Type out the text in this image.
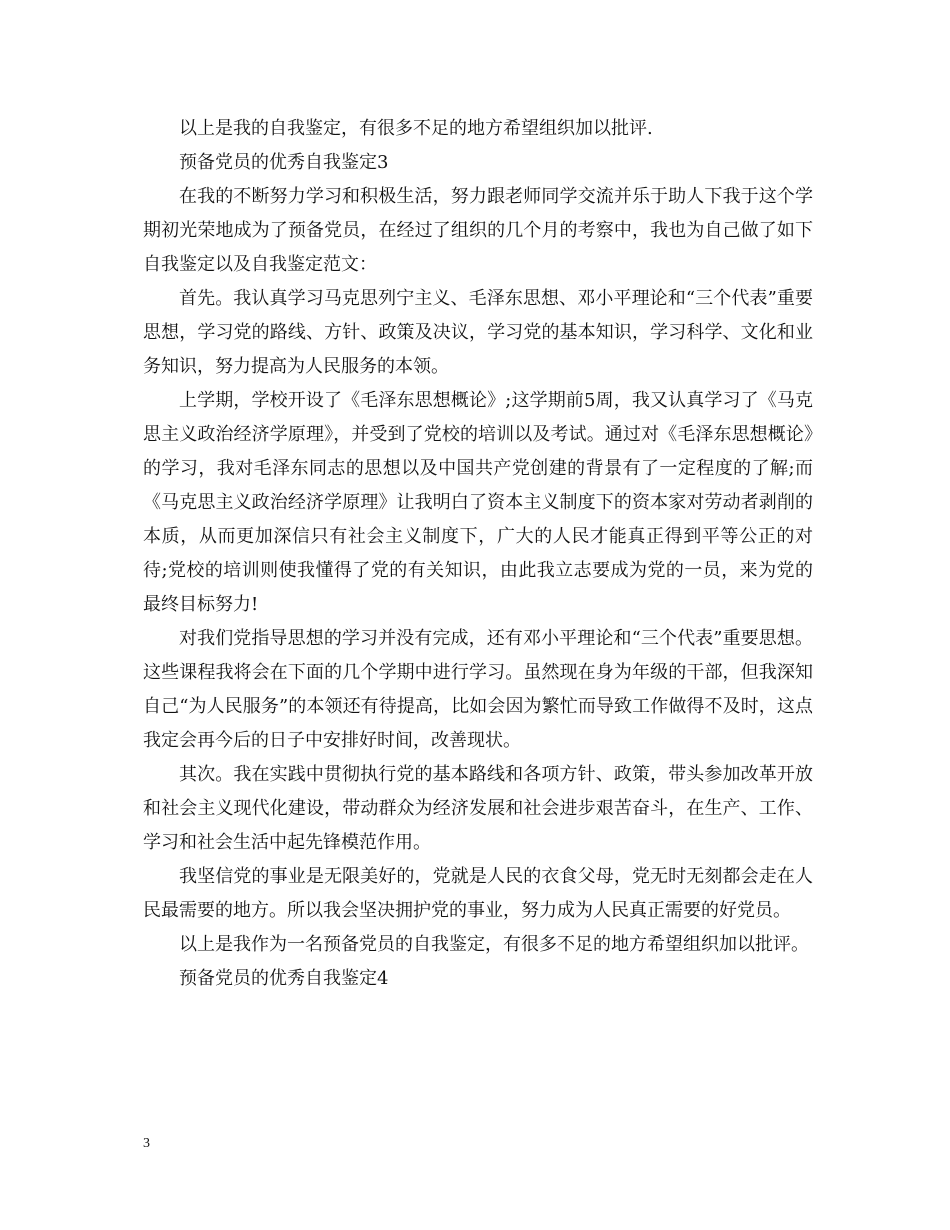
以上是我的自我鉴定，有很多不足的地方希望组织加以批评.

预备党员的优秀自我鉴定3

在我的不断努力学习和积极生活，努力跟老师同学交流并乐于助人下我于这个学期初光荣地成为了预备党员，在经过了组织的几个月的考察中，我也为自己做了如下自我鉴定以及自我鉴定范文：

首先。我认真学习马克思列宁主义、毛泽东思想、邓小平理论和“三个代表”重要思想，学习党的路线、方针、政策及决议，学习党的基本知识，学习科学、文化和业务知识，努力提高为人民服务的本领。

上学期，学校开设了《毛泽东思想概论》;这学期前5周，我又认真学习了《马克思主义政治经济学原理》，并受到了党校的培训以及考试。通过对《毛泽东思想概论》的学习，我对毛泽东同志的思想以及中国共产党创建的背景有了一定程度的了解;而《马克思主义政治经济学原理》让我明白了资本主义制度下的资本家对劳动者剥削的本质，从而更加深信只有社会主义制度下，广大的人民才能真正得到平等公正的对待;党校的培训则使我懂得了党的有关知识，由此我立志要成为党的一员，来为党的最终目标努力!

对我们党指导思想的学习并没有完成，还有邓小平理论和“三个代表”重要思想。这些课程我将会在下面的几个学期中进行学习。虽然现在身为年级的干部，但我深知自己“为人民服务”的本领还有待提高，比如会因为繁忙而导致工作做得不及时，这点我定会再今后的日子中安排好时间，改善现状。

其次。我在实践中贯彻执行党的基本路线和各项方针、政策，带头参加改革开放和社会主义现代化建设，带动群众为经济发展和社会进步艰苦奋斗，在生产、工作、学习和社会生活中起先锋模范作用。

我坚信党的事业是无限美好的，党就是人民的衣食父母，党无时无刻都会走在人民最需要的地方。所以我会坚决拥护党的事业，努力成为人民真正需要的好党员。

以上是我作为一名预备党员的自我鉴定，有很多不足的地方希望组织加以批评。

预备党员的优秀自我鉴定4

3
